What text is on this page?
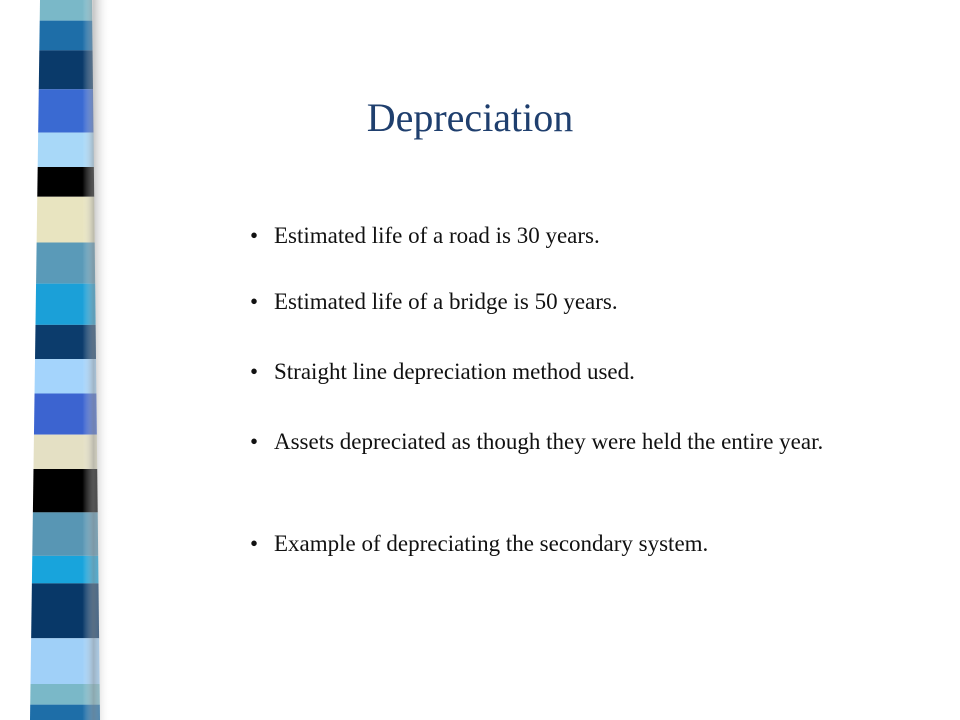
Depreciation
• Estimated life of a road is 30 years.
• Estimated life of a bridge is 50 years.
• Straight line depreciation method used.
• Assets depreciated as though they were held the entire year.
• Example of depreciating the secondary system.
